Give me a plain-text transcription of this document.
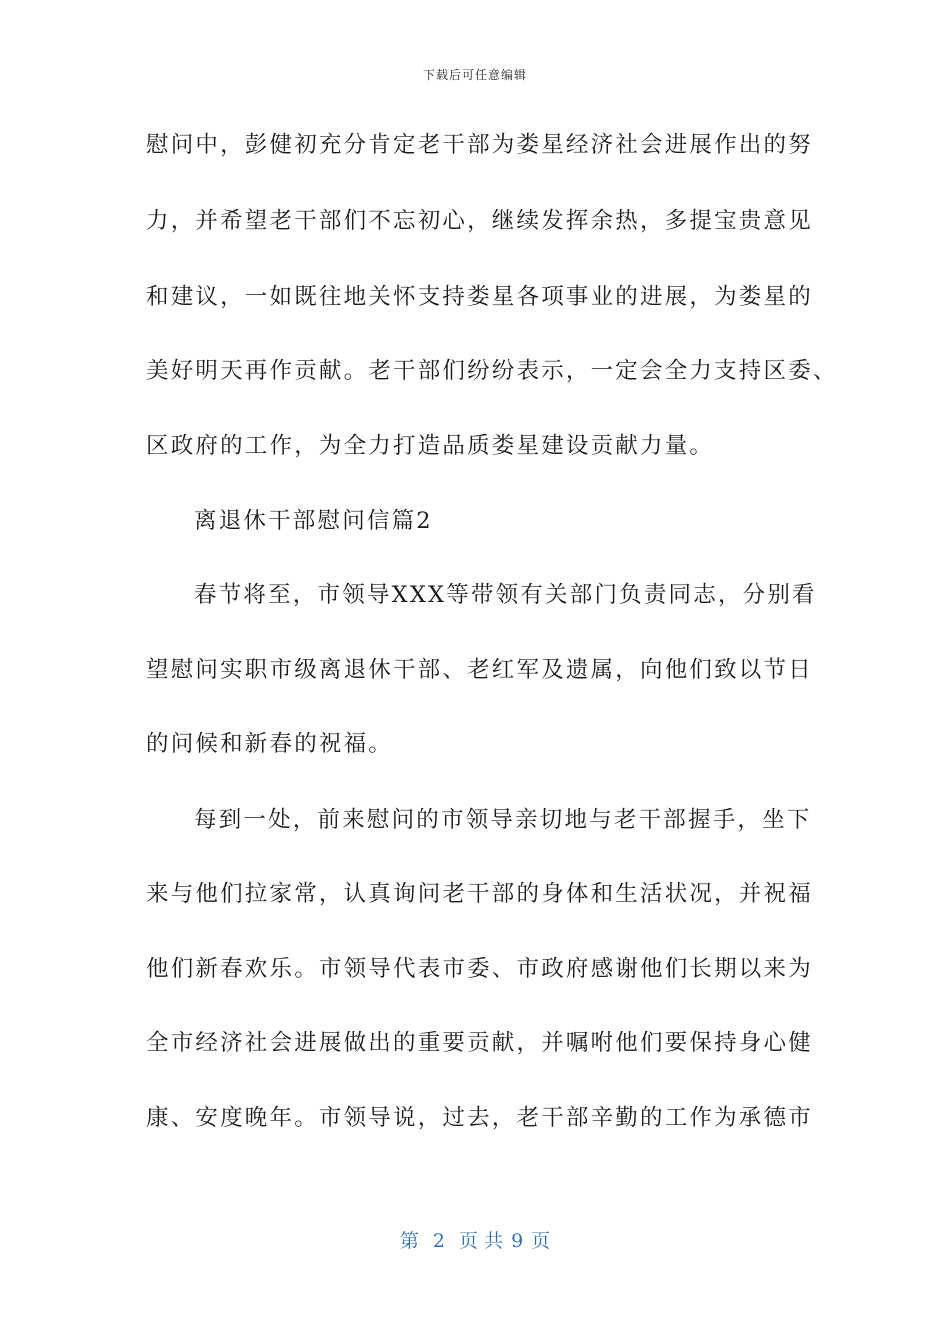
下载后可任意编辑
慰问中，彭健初充分肯定老干部为娄星经济社会进展作出的努
力，并希望老干部们不忘初心，继续发挥余热，多提宝贵意见
和建议，一如既往地关怀支持娄星各项事业的进展，为娄星的
美好明天再作贡献。老干部们纷纷表示，一定会全力支持区委、
区政府的工作，为全力打造品质娄星建设贡献力量。
离退休干部慰问信篇2
春节将至，市领导XXX等带领有关部门负责同志，分别看
望慰问实职市级离退休干部、老红军及遗属，向他们致以节日
的问候和新春的祝福。
每到一处，前来慰问的市领导亲切地与老干部握手，坐下
来与他们拉家常，认真询问老干部的身体和生活状况，并祝福
他们新春欢乐。市领导代表市委、市政府感谢他们长期以来为
全市经济社会进展做出的重要贡献，并嘱咐他们要保持身心健
康、安度晚年。市领导说，过去，老干部辛勤的工作为承德市
第 2 页 共 9 页
